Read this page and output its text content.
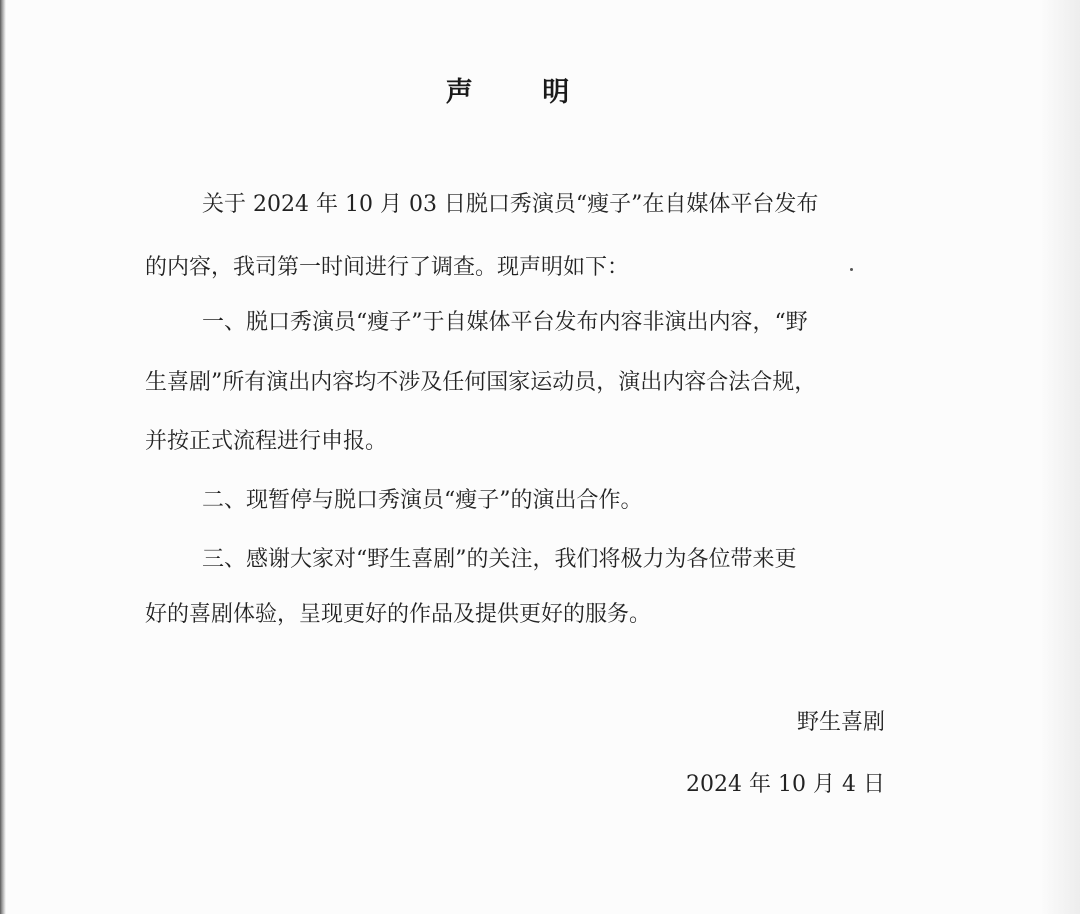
声 明
关于 2024 年 10 月 03 日脱口秀演员“瘦子”在自媒体平台发布
的内容，我司第一时间进行了调查。现声明如下：
一、脱口秀演员“瘦子”于自媒体平台发布内容非演出内容，“野
生喜剧”所有演出内容均不涉及任何国家运动员，演出内容合法合规，
并按正式流程进行申报。
二、现暂停与脱口秀演员“瘦子”的演出合作。
三、感谢大家对“野生喜剧”的关注，我们将极力为各位带来更
好的喜剧体验，呈现更好的作品及提供更好的服务。
野生喜剧
2024 年 10 月 4 日
